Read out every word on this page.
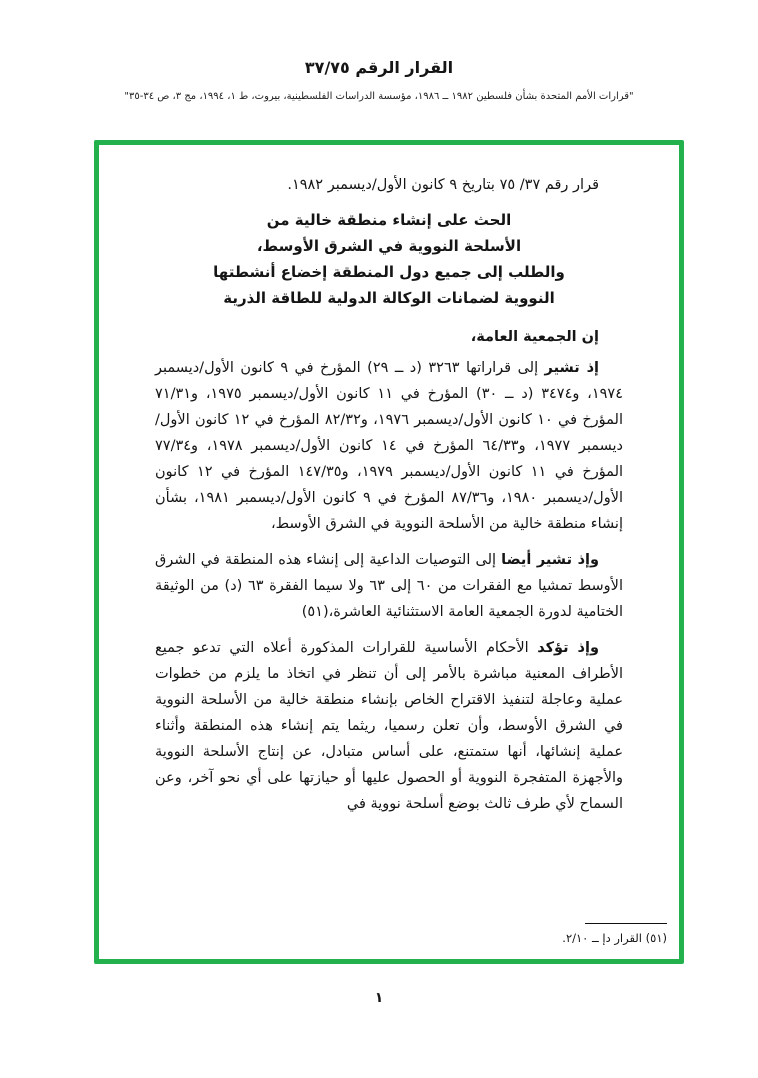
القرار الرقم ٣٧/٧٥
"قرارات الأمم المتحدة بشأن فلسطين ١٩٨٢ ــ ١٩٨٦، مؤسسة الدراسات الفلسطينية، بيروت، ط ١، ١٩٩٤، مج ٣، ص ٣٤-٣٥"
قرار رقم ٣٧/ ٧٥ بتاريخ ٩ كانون الأول/ديسمبر ١٩٨٢.
الحث على إنشاء منطقة خالية من
الأسلحة النووية في الشرق الأوسط،
والطلب إلى جميع دول المنطقة إخضاع أنشطتها
النووية لضمانات الوكالة الدولية للطاقة الذرية
إن الجمعية العامة،

إذ تشير إلى قراراتها ٣٢٦٣ (د ــ ٢٩) المؤرخ في ٩ كانون الأول/ديسمبر ١٩٧٤، و٣٤٧٤ (د ــ ٣٠) المؤرخ في ١١ كانون الأول/ديسمبر ١٩٧٥، و٧١/٣١ المؤرخ في ١٠ كانون الأول/ديسمبر ١٩٧٦، و٨٢/٣٢ المؤرخ في ١٢ كانون الأول/ديسمبر ١٩٧٧، و٦٤/٣٣ المؤرخ في ١٤ كانون الأول/ديسمبر ١٩٧٨، و٧٧/٣٤ المؤرخ في ١١ كانون الأول/ديسمبر ١٩٧٩، و١٤٧/٣٥ المؤرخ في ١٢ كانون الأول/ديسمبر ١٩٨٠، و٨٧/٣٦ المؤرخ في ٩ كانون الأول/ديسمبر ١٩٨١، بشأن إنشاء منطقة خالية من الأسلحة النووية في الشرق الأوسط،

وإذ تشير أيضا إلى التوصيات الداعية إلى إنشاء هذه المنطقة في الشرق الأوسط تمشيا مع الفقرات من ٦٠ إلى ٦٣ ولا سيما الفقرة ٦٣ (د) من الوثيقة الختامية لدورة الجمعية العامة الاستثنائية العاشرة،(٥١)

وإذ تؤكد الأحكام الأساسية للقرارات المذكورة أعلاه التي تدعو جميع الأطراف المعنية مباشرة بالأمر إلى أن تنظر في اتخاذ ما يلزم من خطوات عملية وعاجلة لتنفيذ الاقتراح الخاص بإنشاء منطقة خالية من الأسلحة النووية في الشرق الأوسط، وأن تعلن رسميا، ريثما يتم إنشاء هذه المنطقة وأثناء عملية إنشائها، أنها ستمتنع، على أساس متبادل، عن إنتاج الأسلحة النووية والأجهزة المتفجرة النووية أو الحصول عليها أو حيازتها على أي نحو آخر، وعن السماح لأي طرف ثالث بوضع أسلحة نووية في

(٥١) القرار دإ ــ ٢/١٠.
١
